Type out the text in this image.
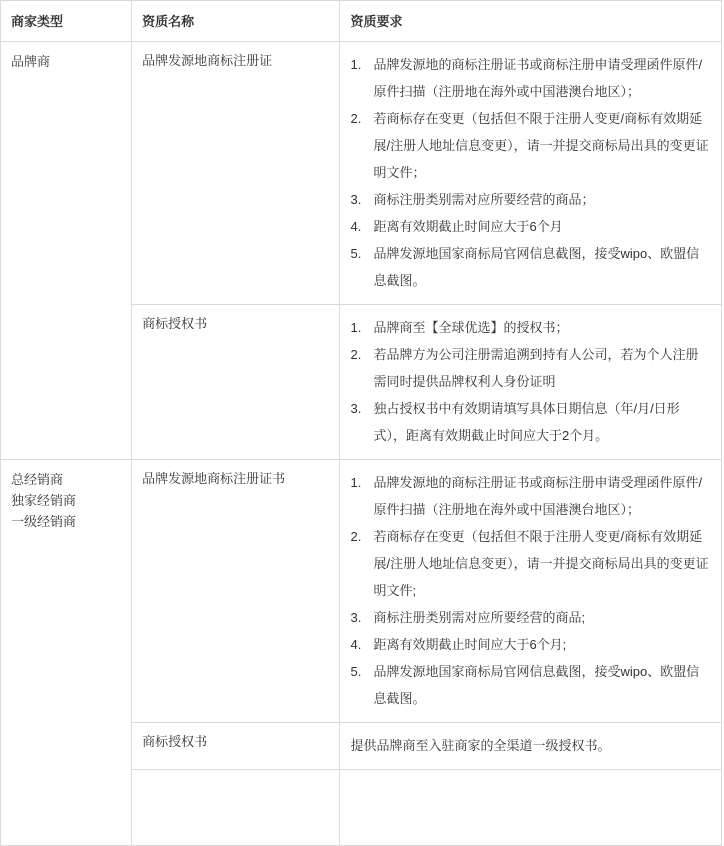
商家类型	资质名称	资质要求

品牌商	品牌发源地商标注册证	品牌发源地的商标注册证书或商标注册申请受理函件原件/原件扫描（注册地在海外或中国港澳台地区）；
若商标存在变更（包括但不限于注册人变更/商标有效期延展/注册人地址信息变更），请一并提交商标局出具的变更证明文件；
商标注册类别需对应所要经营的商品；
距离有效期截止时间应大于6个月
品牌发源地国家商标局官网信息截图，接受wipo、欧盟信息截图。

商标授权书	品牌商至【全球优选】的授权书；
若品牌方为公司注册需追溯到持有人公司，若为个人注册需同时提供品牌权利人身份证明
独占授权书中有效期请填写具体日期信息（年/月/日形式），距离有效期截止时间应大于2个月。

总经销商
独家经销商
一级经销商
	品牌发源地商标注册证书	品牌发源地的商标注册证书或商标注册申请受理函件原件/原件扫描（注册地在海外或中国港澳台地区）；
若商标存在变更（包括但不限于注册人变更/商标有效期延展/注册人地址信息变更），请一并提交商标局出具的变更证明文件;
商标注册类别需对应所要经营的商品;
距离有效期截止时间应大于6个月;
品牌发源地国家商标局官网信息截图，接受wipo、欧盟信息截图。

	商标授权书	提供品牌商至入驻商家的全渠道一级授权书。
